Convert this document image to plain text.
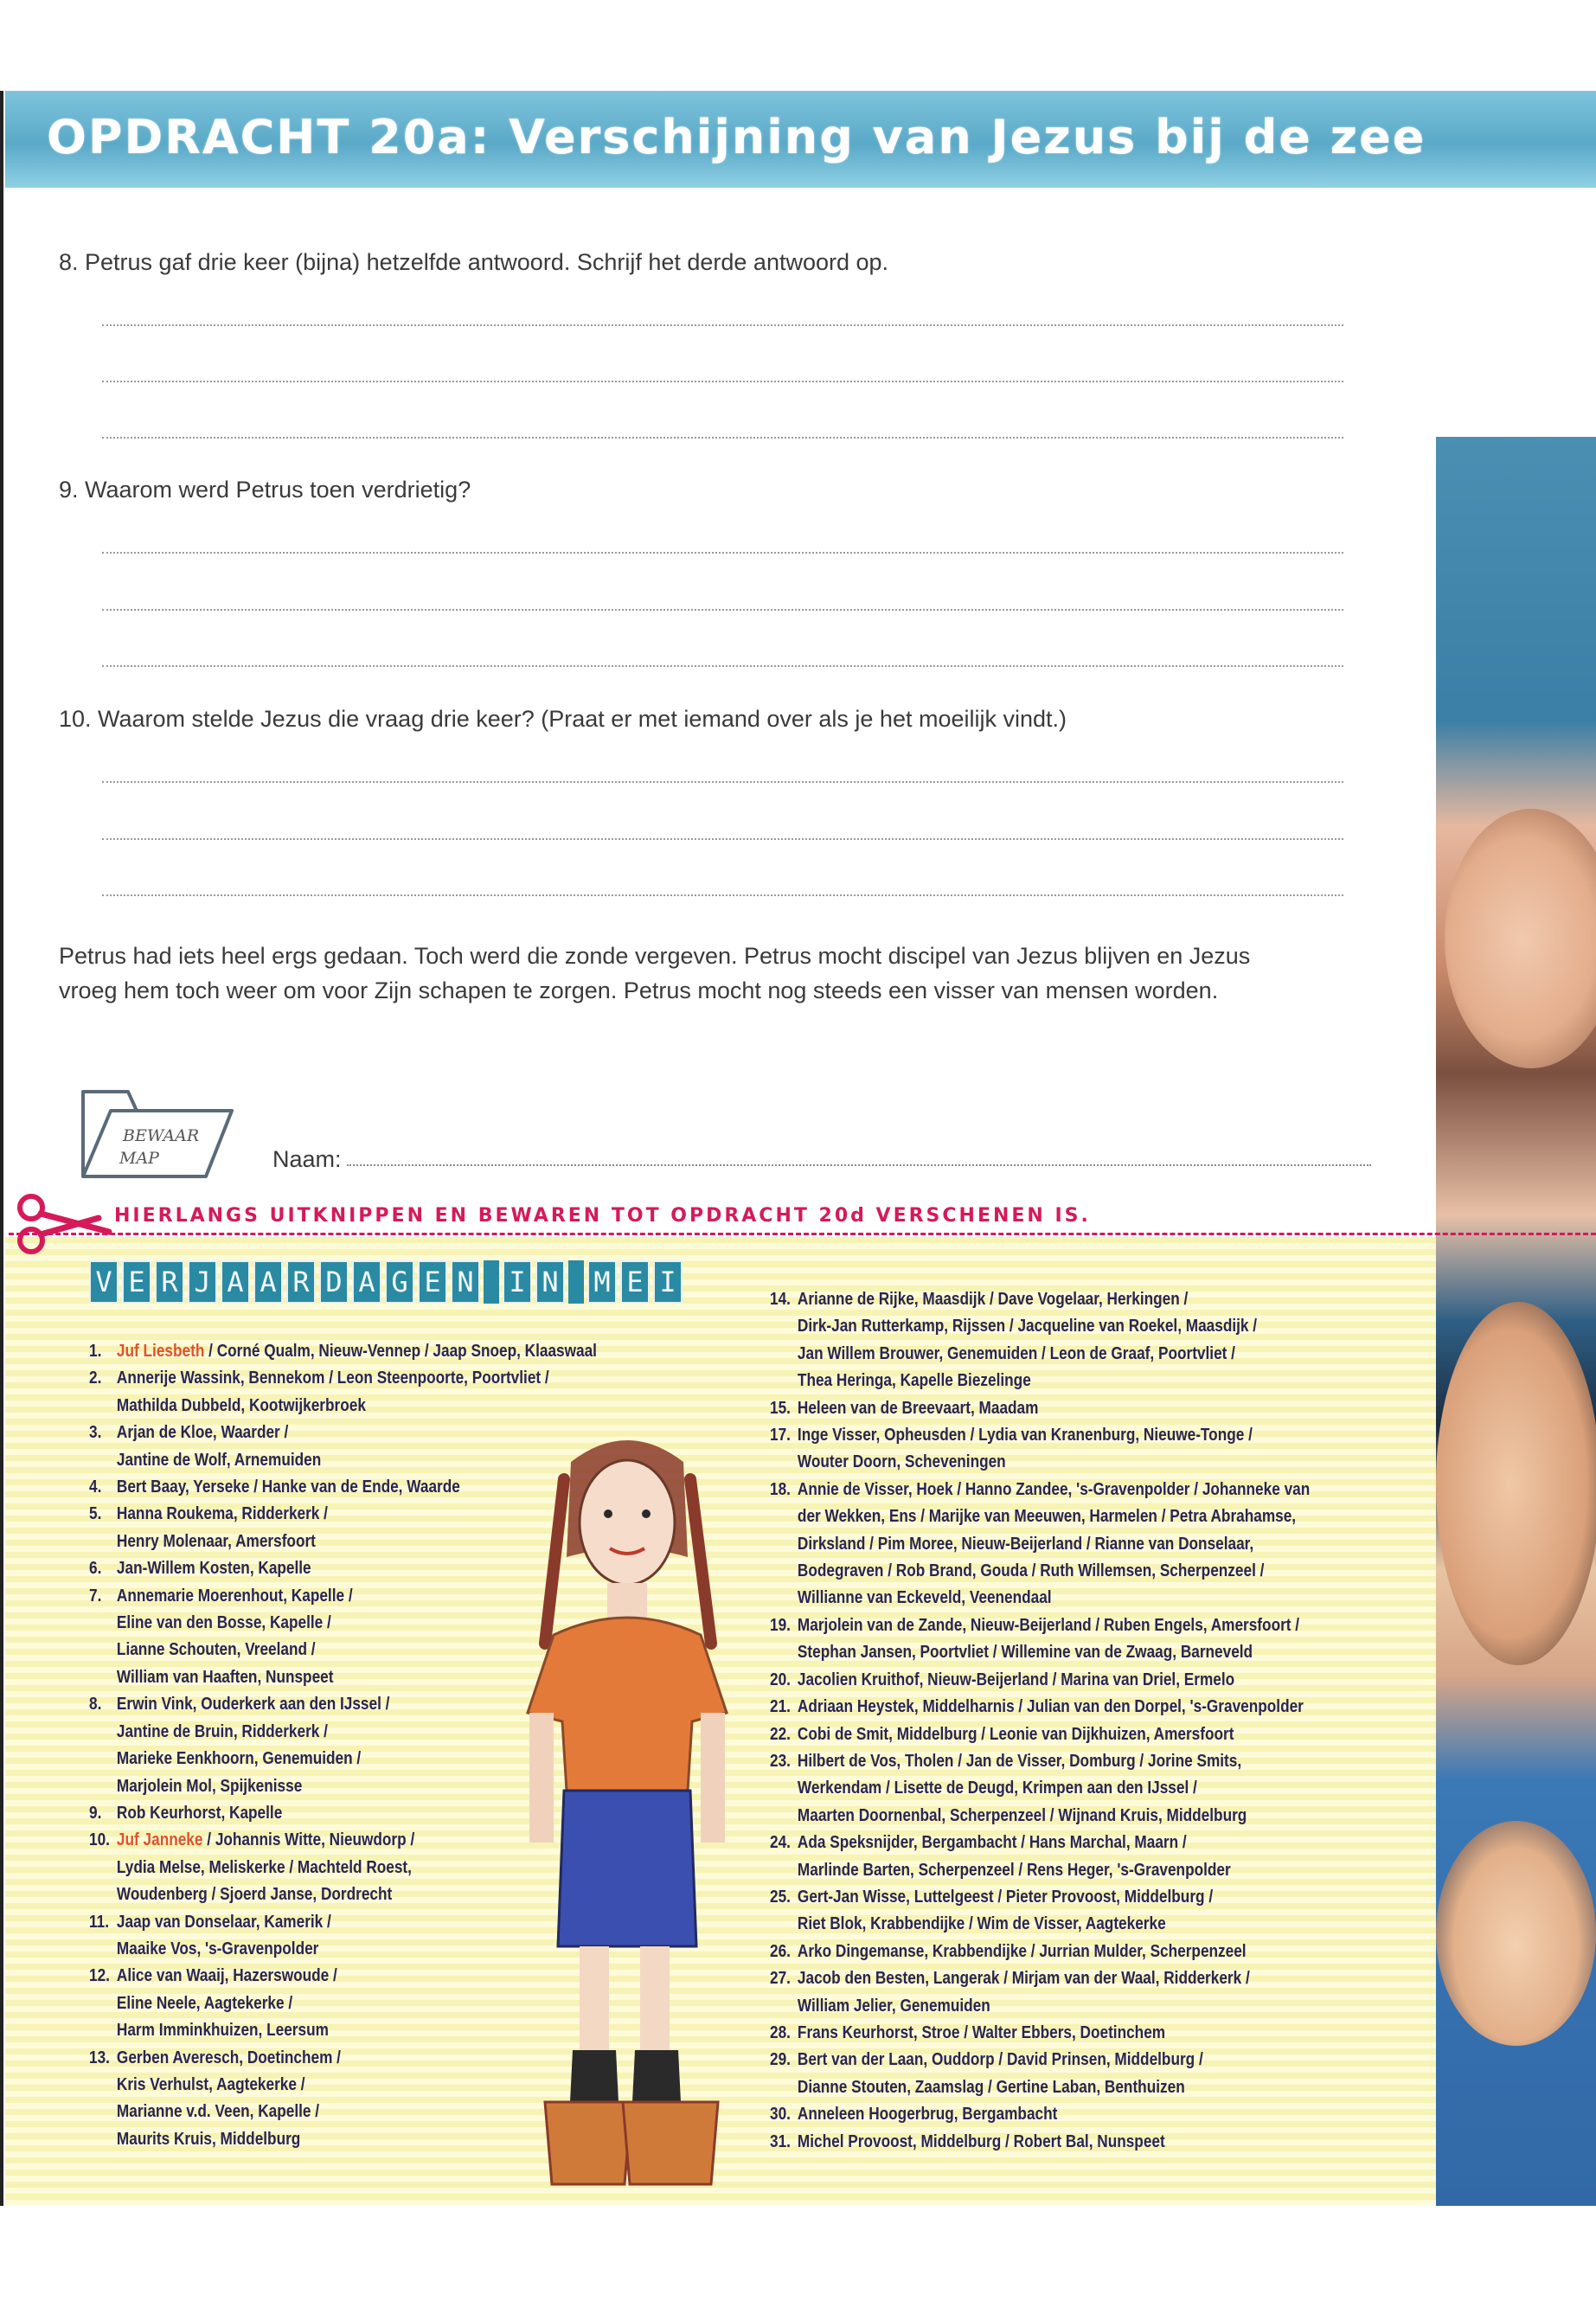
OPDRACHT 20a: Verschijning van Jezus bij de zee
8. Petrus gaf drie keer (bijna) hetzelfde antwoord. Schrijf het derde antwoord op.
9. Waarom werd Petrus toen verdrietig?
10. Waarom stelde Jezus die vraag drie keer? (Praat er met iemand over als je het moeilijk vindt.)
Petrus had iets heel ergs gedaan. Toch werd die zonde vergeven. Petrus mocht discipel van Jezus blijven en Jezus
vroeg hem toch weer om voor Zijn schapen te zorgen. Petrus mocht nog steeds een visser van mensen worden.
BEWAAR
MAP	Naam:
HIERLANGS UITKNIPPEN EN BEWAREN TOT OPDRACHT 20d VERSCHENEN IS.
V E R J A A R D A G E N I N M E I
1. Juf Liesbeth / Corné Qualm, Nieuw-Vennep / Jaap Snoep, Klaaswaal
2. Annerije Wassink, Bennekom / Leon Steenpoorte, Poortvliet /
Mathilda Dubbeld, Kootwijkerbroek
3. Arjan de Kloe, Waarder /
Jantine de Wolf, Arnemuiden
4. Bert Baay, Yerseke / Hanke van de Ende, Waarde
5. Hanna Roukema, Ridderkerk /
Henry Molenaar, Amersfoort
6. Jan-Willem Kosten, Kapelle
7. Annemarie Moerenhout, Kapelle /
Eline van den Bosse, Kapelle /
Lianne Schouten, Vreeland /
William van Haaften, Nunspeet
8. Erwin Vink, Ouderkerk aan den IJssel /
Jantine de Bruin, Ridderkerk /
Marieke Eenkhoorn, Genemuiden /
Marjolein Mol, Spijkenisse
9. Rob Keurhorst, Kapelle
10. Juf Janneke / Johannis Witte, Nieuwdorp /
Lydia Melse, Meliskerke / Machteld Roest,
Woudenberg / Sjoerd Janse, Dordrecht
11. Jaap van Donselaar, Kamerik /
Maaike Vos, 's-Gravenpolder
12. Alice van Waaij, Hazerswoude /
Eline Neele, Aagtekerke /
Harm Imminkhuizen, Leersum
13. Gerben Averesch, Doetinchem /
Kris Verhulst, Aagtekerke /
Marianne v.d. Veen, Kapelle /
Maurits Kruis, Middelburg
14. Arianne de Rijke, Maasdijk / Dave Vogelaar, Herkingen /
Dirk-Jan Rutterkamp, Rijssen / Jacqueline van Roekel, Maasdijk /
Jan Willem Brouwer, Genemuiden / Leon de Graaf, Poortvliet /
Thea Heringa, Kapelle Biezelinge
15. Heleen van de Breevaart, Maadam
17. Inge Visser, Opheusden / Lydia van Kranenburg, Nieuwe-Tonge /
Wouter Doorn, Scheveningen
18. Annie de Visser, Hoek / Hanno Zandee, 's-Gravenpolder / Johanneke van
der Wekken, Ens / Marijke van Meeuwen, Harmelen / Petra Abrahamse,
Dirksland / Pim Moree, Nieuw-Beijerland / Rianne van Donselaar,
Bodegraven / Rob Brand, Gouda / Ruth Willemsen, Scherpenzeel /
Willianne van Eckeveld, Veenendaal
19. Marjolein van de Zande, Nieuw-Beijerland / Ruben Engels, Amersfoort /
Stephan Jansen, Poortvliet / Willemine van de Zwaag, Barneveld
20. Jacolien Kruithof, Nieuw-Beijerland / Marina van Driel, Ermelo
21. Adriaan Heystek, Middelharnis / Julian van den Dorpel, 's-Gravenpolder
22. Cobi de Smit, Middelburg / Leonie van Dijkhuizen, Amersfoort
23. Hilbert de Vos, Tholen / Jan de Visser, Domburg / Jorine Smits,
Werkendam / Lisette de Deugd, Krimpen aan den IJssel /
Maarten Doornenbal, Scherpenzeel / Wijnand Kruis, Middelburg
24. Ada Speksnijder, Bergambacht / Hans Marchal, Maarn /
Marlinde Barten, Scherpenzeel / Rens Heger, 's-Gravenpolder
25. Gert-Jan Wisse, Luttelgeest / Pieter Provoost, Middelburg /
Riet Blok, Krabbendijke / Wim de Visser, Aagtekerke
26. Arko Dingemanse, Krabbendijke / Jurrian Mulder, Scherpenzeel
27. Jacob den Besten, Langerak / Mirjam van der Waal, Ridderkerk /
William Jelier, Genemuiden
28. Frans Keurhorst, Stroe / Walter Ebbers, Doetinchem
29. Bert van der Laan, Ouddorp / David Prinsen, Middelburg /
Dianne Stouten, Zaamslag / Gertine Laban, Benthuizen
30. Anneleen Hoogerbrug, Bergambacht
31. Michel Provoost, Middelburg / Robert Bal, Nunspeet
